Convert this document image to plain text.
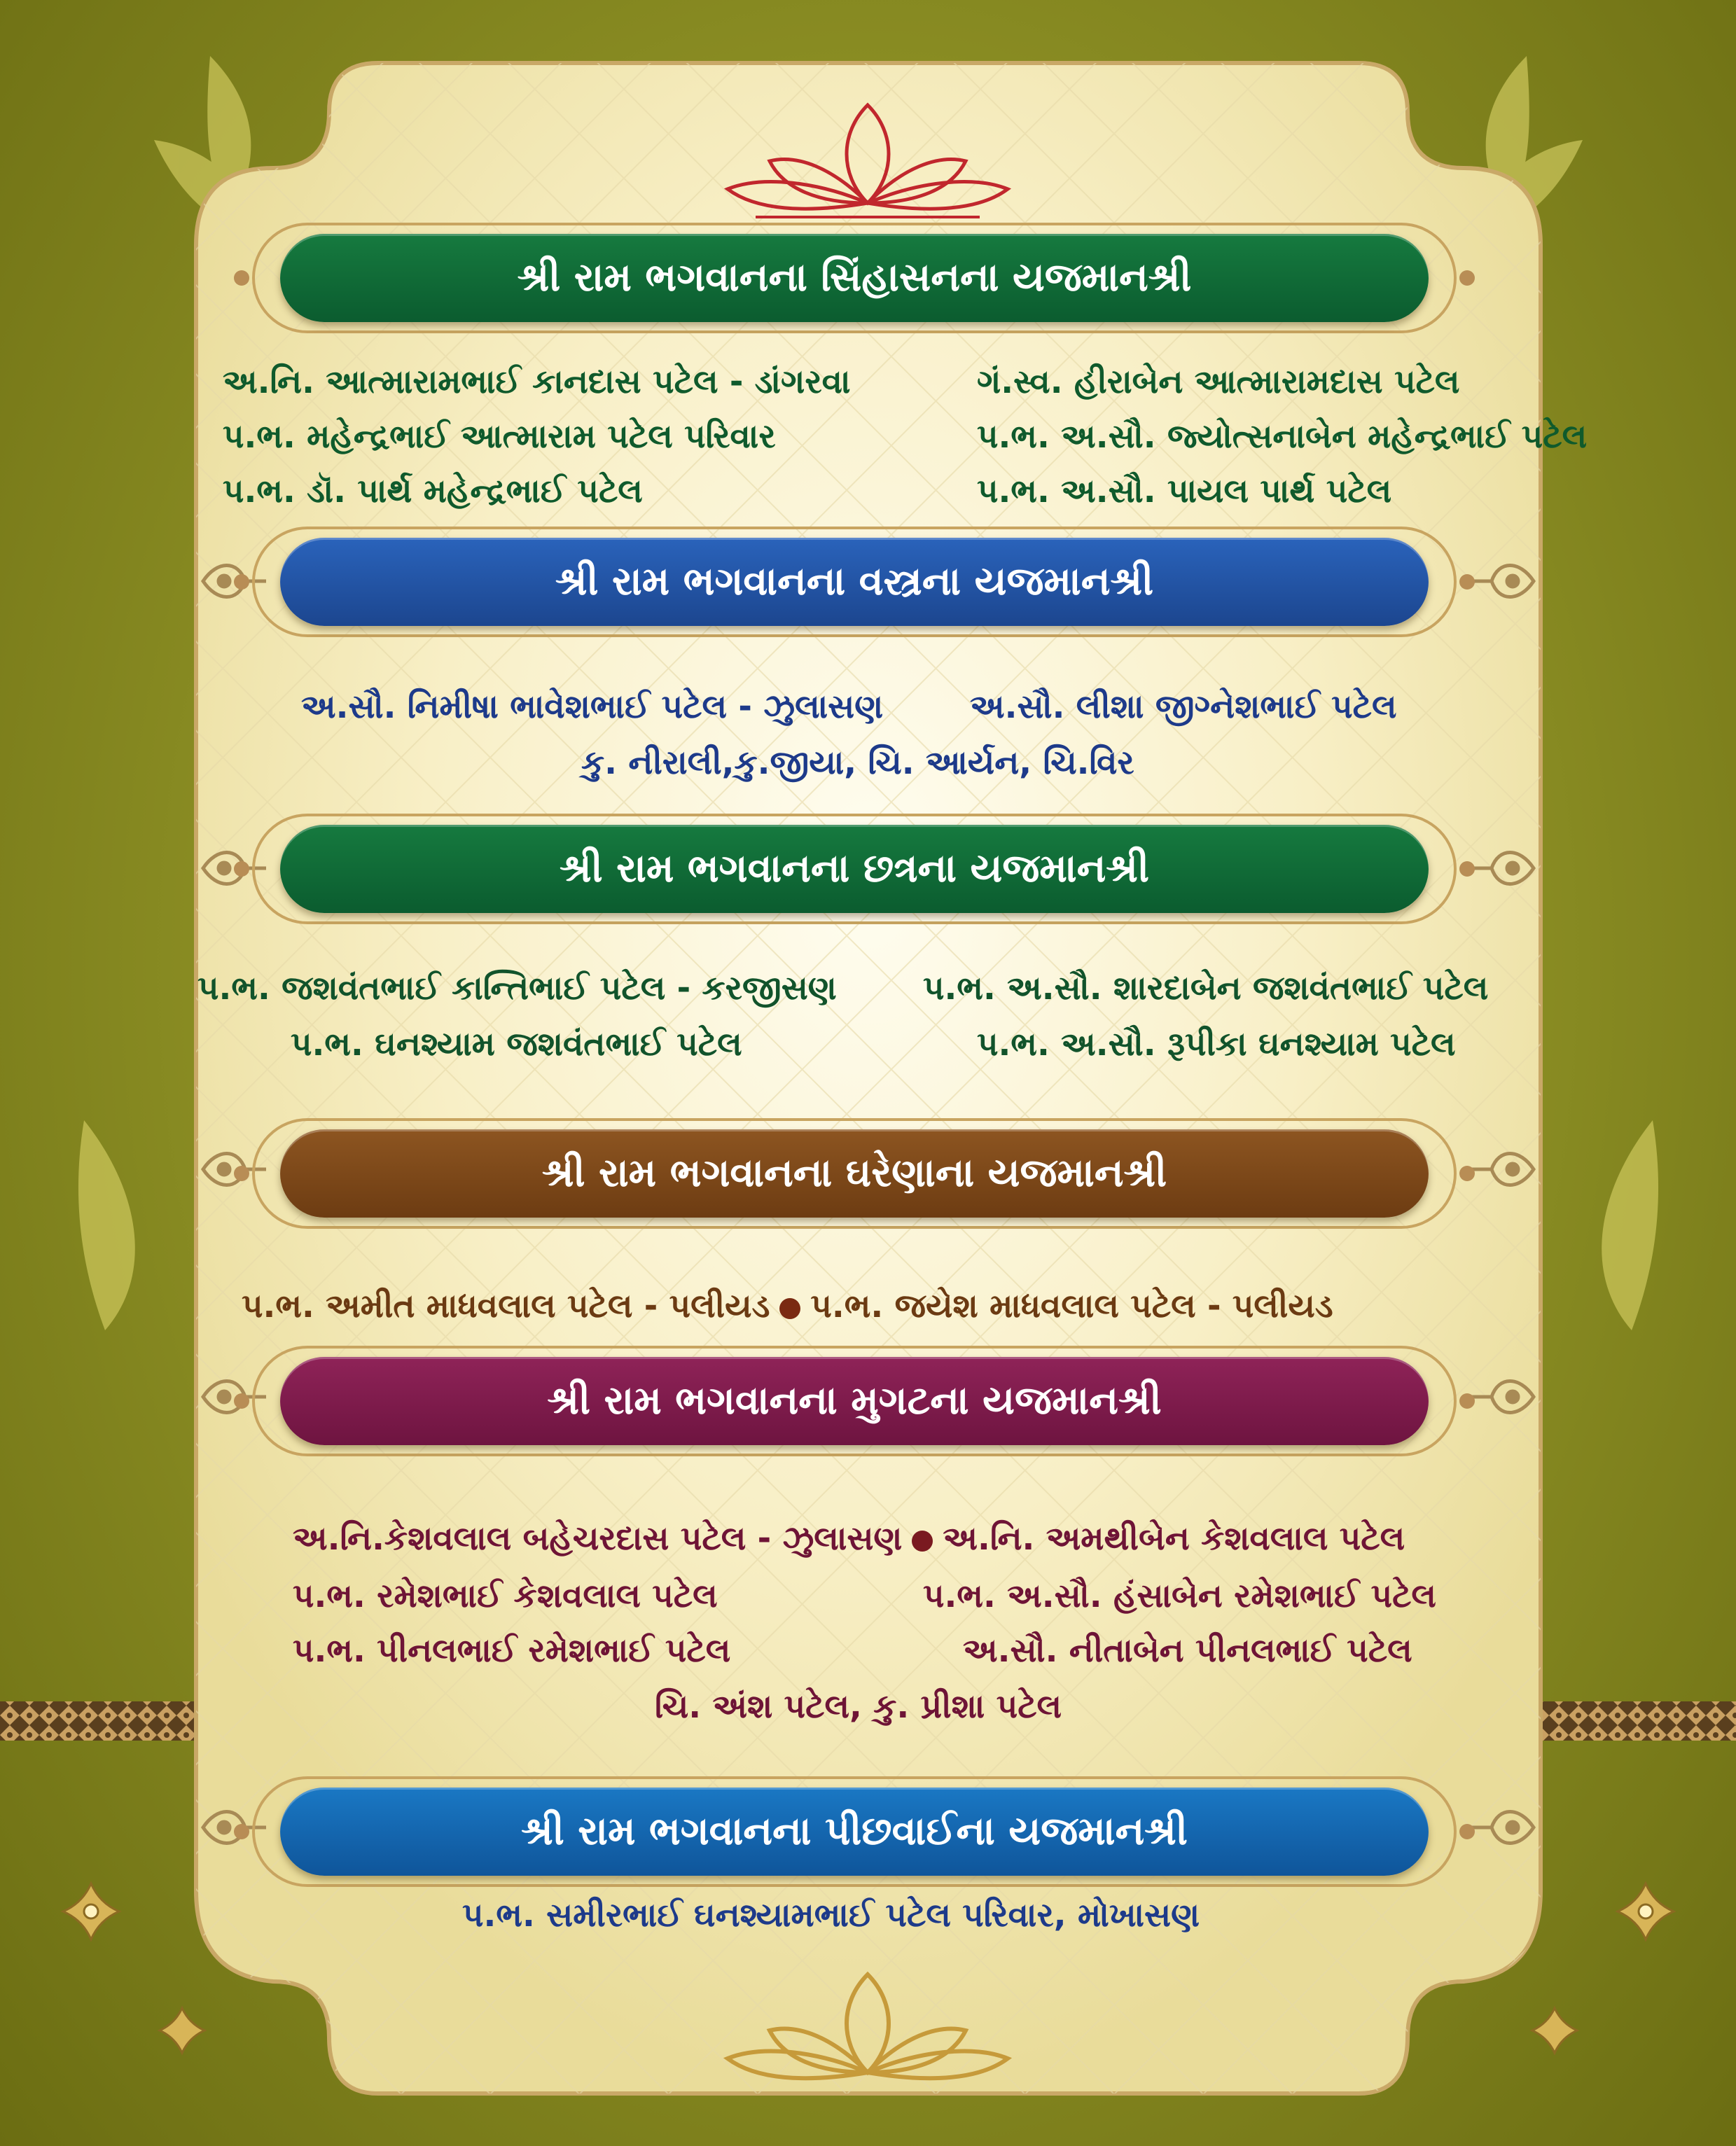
શ્રી રામ ભગવાનના સિંહાસનના યજમાનશ્રી
અ.નિ. આત્મારામભાઈ કાનદાસ પટેલ - ડાંગરવા	ગં.સ્વ. હીરાબેન આત્મારામદાસ પટેલ
પ.ભ. મહેન્દ્રભાઈ આત્મારામ પટેલ પરિવાર	પ.ભ. અ.સૌ. જ્યોત્સનાબેન મહેન્દ્રભાઈ પટેલ
પ.ભ. ડૉ. પાર્થ મહેન્દ્રભાઈ પટેલ	પ.ભ. અ.સૌ. પાયલ પાર્થ પટેલ
શ્રી રામ ભગવાનના વસ્ત્રના યજમાનશ્રી
અ.સૌ. નિમીષા ભાવેશભાઈ પટેલ - ઝુલાસણ	અ.સૌ. લીશા જીગ્નેશભાઈ પટેલ
કુ. નીરાલી,કુ.જીયા, ચિ. આર્યન, ચિ.વિર
શ્રી રામ ભગવાનના છત્રના યજમાનશ્રી
પ.ભ. જશવંતભાઈ કાન્તિભાઈ પટેલ - કરજીસણ	પ.ભ. અ.સૌ. શારદાબેન જશવંતભાઈ પટેલ
પ.ભ. ઘનશ્યામ જશવંતભાઈ પટેલ	પ.ભ. અ.સૌ. રૂપીકા ઘનશ્યામ પટેલ
શ્રી રામ ભગવાનના ઘરેણાના યજમાનશ્રી
પ.ભ. અમીત માધવલાલ પટેલ - પલીયડ પ.ભ. જયેશ માધવલાલ પટેલ - પલીયડ
શ્રી રામ ભગવાનના મુગટના યજમાનશ્રી
અ.નિ.કેશવલાલ બહેચરદાસ પટેલ - ઝુલાસણ અ.નિ. અમથીબેન કેશવલાલ પટેલ
પ.ભ. રમેશભાઈ કેશવલાલ પટેલ	પ.ભ. અ.સૌ. હંસાબેન રમેશભાઈ પટેલ
પ.ભ. પીનલભાઈ રમેશભાઈ પટેલ	અ.સૌ. નીતાબેન પીનલભાઈ પટેલ
ચિ. અંશ પટેલ, કુ. પ્રીશા પટેલ
શ્રી રામ ભગવાનના પીછવાઈના યજમાનશ્રી
પ.ભ. સમીરભાઈ ઘનશ્યામભાઈ પટેલ પરિવાર, મોખાસણ
